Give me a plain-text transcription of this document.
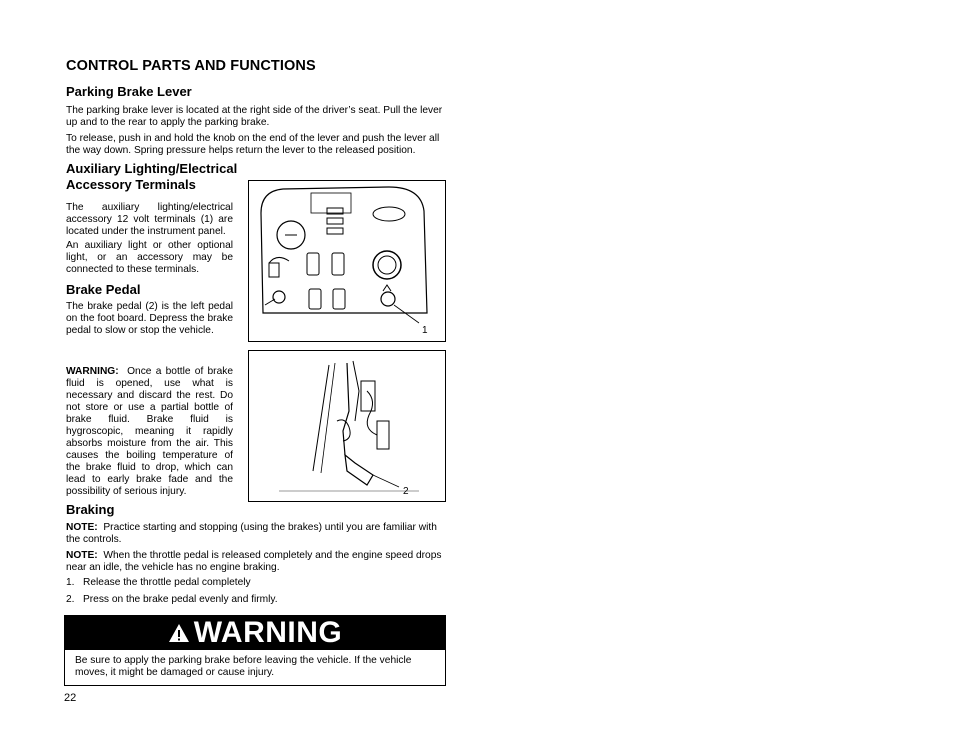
CONTROL PARTS AND FUNCTIONS
Parking Brake Lever
The parking brake lever is located at the right side of the driver’s seat. Pull the lever up and to the rear to apply the parking brake.
To release, push in and hold the knob on the end of the lever and push the lever all the way down. Spring pressure helps return the lever to the released position.
Auxiliary Lighting/Electrical
Accessory Terminals
The auxiliary lighting/electrical accessory 12 volt terminals (1) are located under the instrument panel.
An auxiliary light or other optional light, or an accessory may be connected to these terminals.
Brake Pedal
The brake pedal (2) is the left pedal on the foot board. Depress the brake pedal to slow or stop the vehicle.
WARNING: Once a bottle of brake fluid is opened, use what is necessary and discard the rest. Do not store or use a partial bottle of brake fluid. Brake fluid is hygroscopic, meaning it rapidly absorbs moisture from the air. This causes the boiling temperature of the brake fluid to drop, which can lead to early brake fade and the possibility of serious injury.
1
2
Braking
NOTE: Practice starting and stopping (using the brakes) until you are familiar with the controls.
NOTE: When the throttle pedal is released completely and the engine speed drops near an idle, the vehicle has no engine braking.
1.   Release the throttle pedal completely
2.   Press on the brake pedal evenly and firmly.
WARNING
Be sure to apply the parking brake before leaving the vehicle. If the vehicle moves, it might be damaged or cause injury.
22
